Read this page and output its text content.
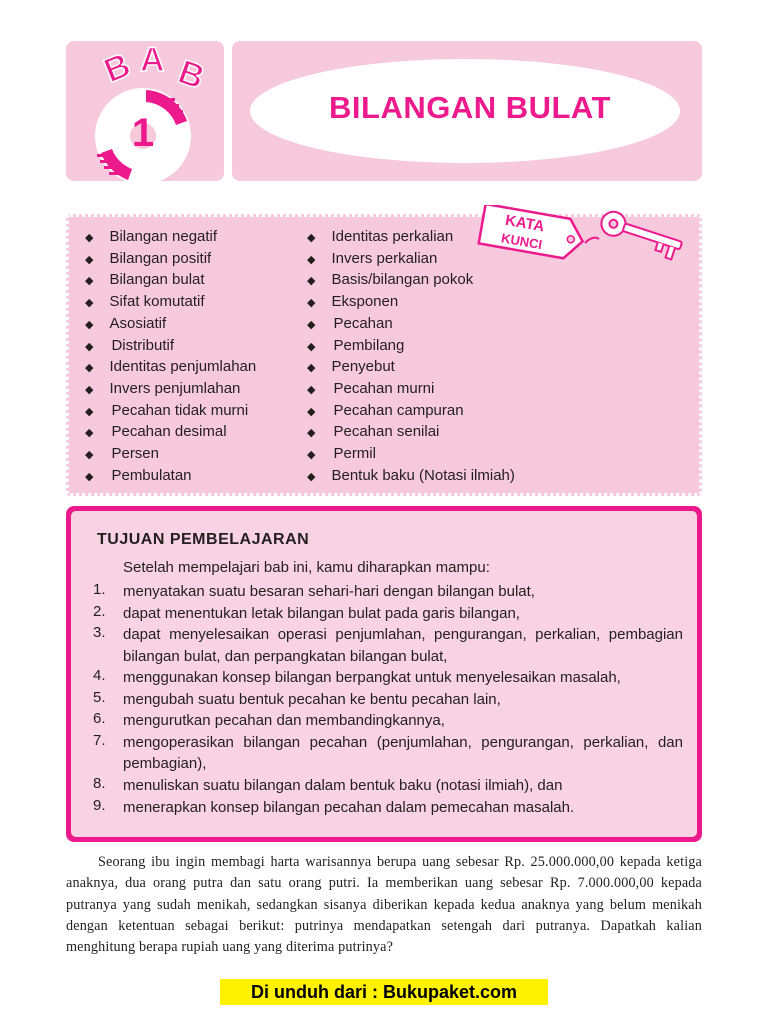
B A B
1
BILANGAN BULAT
◆ Bilangan negatif
◆ Bilangan positif
◆ Bilangan bulat
◆ Sifat komutatif
◆ Asosiatif
◆ Distributif
◆ Identitas penjumlahan
◆ Invers penjumlahan
◆ Pecahan tidak murni
◆ Pecahan desimal
◆ Persen
◆ Pembulatan
◆ Identitas perkalian
◆ Invers perkalian
◆ Basis/bilangan pokok
◆ Eksponen
◆ Pecahan
◆ Pembilang
◆ Penyebut
◆ Pecahan murni
◆ Pecahan campuran
◆ Pecahan senilai
◆ Permil
◆ Bentuk baku (Notasi ilmiah)
KATA
KUNCI
TUJUAN PEMBELAJARAN
Setelah mempelajari bab ini, kamu diharapkan mampu:
1. menyatakan suatu besaran sehari-hari dengan bilangan bulat,
2. dapat menentukan letak bilangan bulat pada garis bilangan,
3. dapat menyelesaikan operasi penjumlahan, pengurangan, perkalian, pembagian bilangan bulat, dan perpangkatan bilangan bulat,
4. menggunakan konsep bilangan berpangkat untuk menyelesaikan masalah,
5. mengubah suatu bentuk pecahan ke bentu pecahan lain,
6. mengurutkan pecahan dan membandingkannya,
7. mengoperasikan bilangan pecahan (penjumlahan, pengurangan, perkalian, dan pembagian),
8. menuliskan suatu bilangan dalam bentuk baku (notasi ilmiah), dan
9. menerapkan konsep bilangan pecahan dalam pemecahan masalah.
Seorang ibu ingin membagi harta warisannya berupa uang sebesar Rp. 25.000.000,00 kepada ketiga anaknya, dua orang putra dan satu orang putri. Ia memberikan uang sebesar Rp. 7.000.000,00 kepada putranya yang sudah menikah, sedangkan sisanya diberikan kepada kedua anaknya yang belum menikah dengan ketentuan sebagai berikut: putrinya mendapatkan setengah dari putranya. Dapatkah kalian menghitung berapa rupiah uang yang diterima putrinya?
Di unduh dari : Bukupaket.com
